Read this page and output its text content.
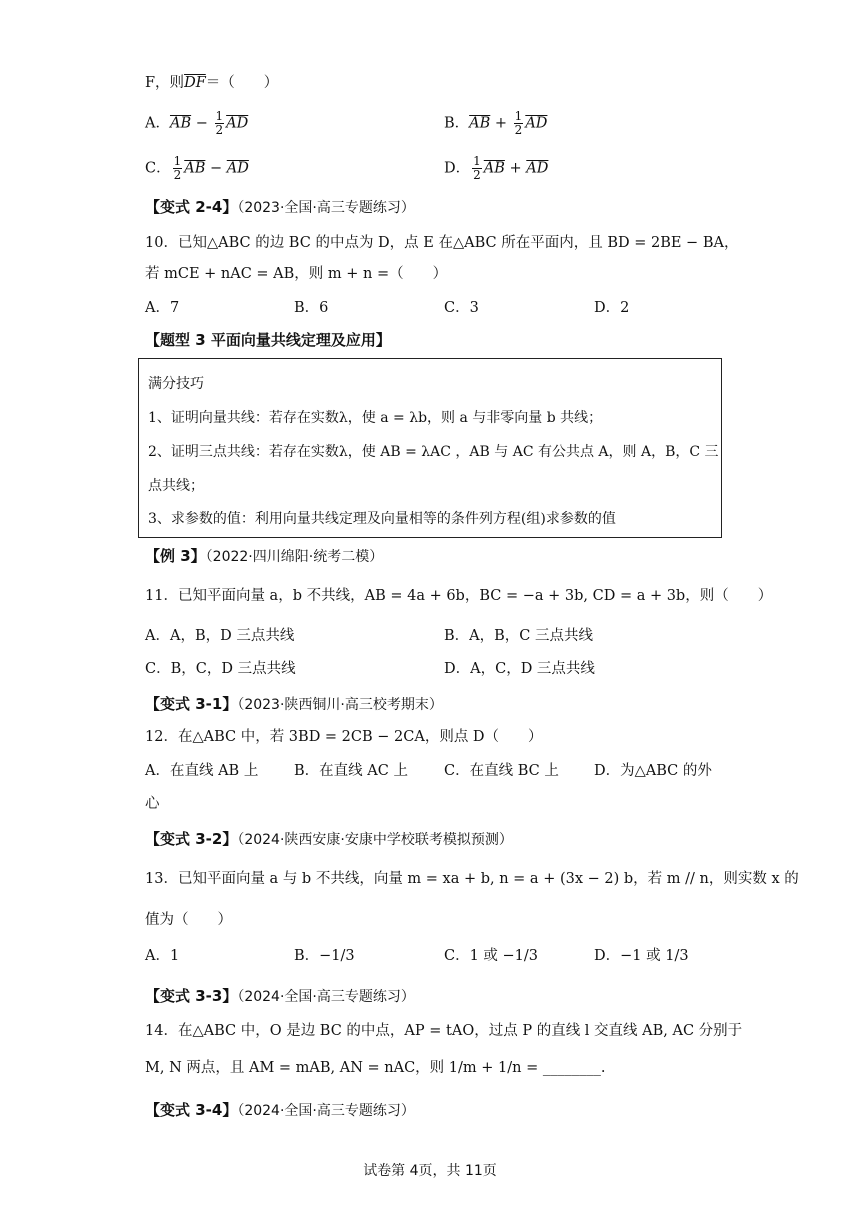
F，则$\overline{DF}=$（　　）
A．$\overline{AB} - \frac{1}{2} \overline{AD}$	B．$\overline{AB} + \frac{1}{2} \overline{AD}$
C． $\frac{1}{2} \overline{AB} - \overline{AD}$	D． $\frac{1}{2} \overline{AB} + \overline{AD}$
【变式 2-4】（2023·全国·高三专题练习）
10．已知△ABC 的边 BC 的中点为 D，点 E 在△ABC 所在平面内，且 BD = 2BE − BA，
若 mCE + nAC = AB，则 m + n =（　　）
A．7	B．6	C．3	D．2
【题型 3 平面向量共线定理及应用】
满分技巧
1、证明向量共线：若存在实数λ，使 a = λb，则 a 与非零向量 b 共线；
2、证明三点共线：若存在实数λ，使 AB = λAC ，AB 与 AC 有公共点 A，则 A，B，C 三
点共线；
3、求参数的值：利用向量共线定理及向量相等的条件列方程(组)求参数的值
【例 3】（2022·四川绵阳·统考二模）
11．已知平面向量 a，b 不共线，AB = 4a + 6b，BC = −a + 3b, CD = a + 3b，则（　　）
A．A，B，D 三点共线	B．A，B，C 三点共线
C．B，C，D 三点共线	D．A，C，D 三点共线
【变式 3-1】（2023·陕西铜川·高三校考期末）
12．在△ABC 中，若 3BD = 2CB − 2CA，则点 D（　　）
A．在直线 AB 上 B．在直线 AC 上 C．在直线 BC 上 D．为△ABC 的外
心
【变式 3-2】（2024·陕西安康·安康中学校联考模拟预测）
13．已知平面向量 a 与 b 不共线，向量 m = xa + b, n = a + (3x − 2) b，若 m // n，则实数 x 的
值为（　　）
A．1	B．−1/3	C．1 或 −1/3	D．−1 或 1/3
【变式 3-3】（2024·全国·高三专题练习）
14．在△ABC 中，O 是边 BC 的中点，AP = tAO，过点 P 的直线 l 交直线 AB, AC 分别于
M, N 两点，且 AM = mAB, AN = nAC，则 1/m + 1/n = ________.
【变式 3-4】（2024·全国·高三专题练习）
试卷第 4页，共 11页
